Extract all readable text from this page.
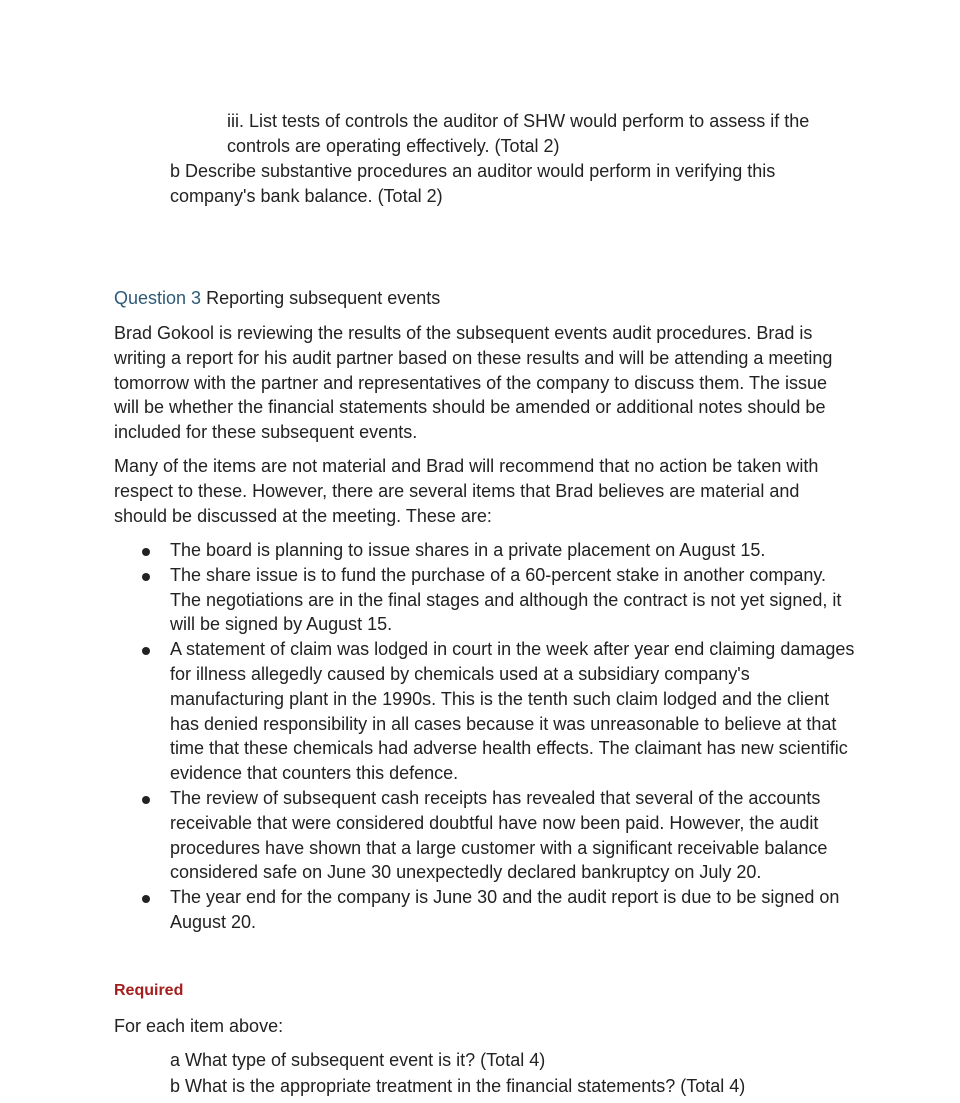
iii. List tests of controls the auditor of SHW would perform to assess if the controls are operating effectively. (Total 2)

b Describe substantive procedures an auditor would perform in verifying this company's bank balance. (Total 2)

Question 3 Reporting subsequent events

Brad Gokool is reviewing the results of the subsequent events audit procedures. Brad is writing a report for his audit partner based on these results and will be attending a meeting tomorrow with the partner and representatives of the company to discuss them. The issue will be whether the financial statements should be amended or additional notes should be included for these subsequent events.

Many of the items are not material and Brad will recommend that no action be taken with respect to these. However, there are several items that Brad believes are material and should be discussed at the meeting. These are:

The board is planning to issue shares in a private placement on August 15.
The share issue is to fund the purchase of a 60-percent stake in another company. The negotiations are in the final stages and although the contract is not yet signed, it will be signed by August 15.
A statement of claim was lodged in court in the week after year end claiming damages for illness allegedly caused by chemicals used at a subsidiary company's manufacturing plant in the 1990s. This is the tenth such claim lodged and the client has denied responsibility in all cases because it was unreasonable to believe at that time that these chemicals had adverse health effects. The claimant has new scientific evidence that counters this defence.
The review of subsequent cash receipts has revealed that several of the accounts receivable that were considered doubtful have now been paid. However, the audit procedures have shown that a large customer with a significant receivable balance considered safe on June 30 unexpectedly declared bankruptcy on July 20.
The year end for the company is June 30 and the audit report is due to be signed on August 20.

Required

For each item above:

a What type of subsequent event is it? (Total 4)

b What is the appropriate treatment in the financial statements? (Total 4)
